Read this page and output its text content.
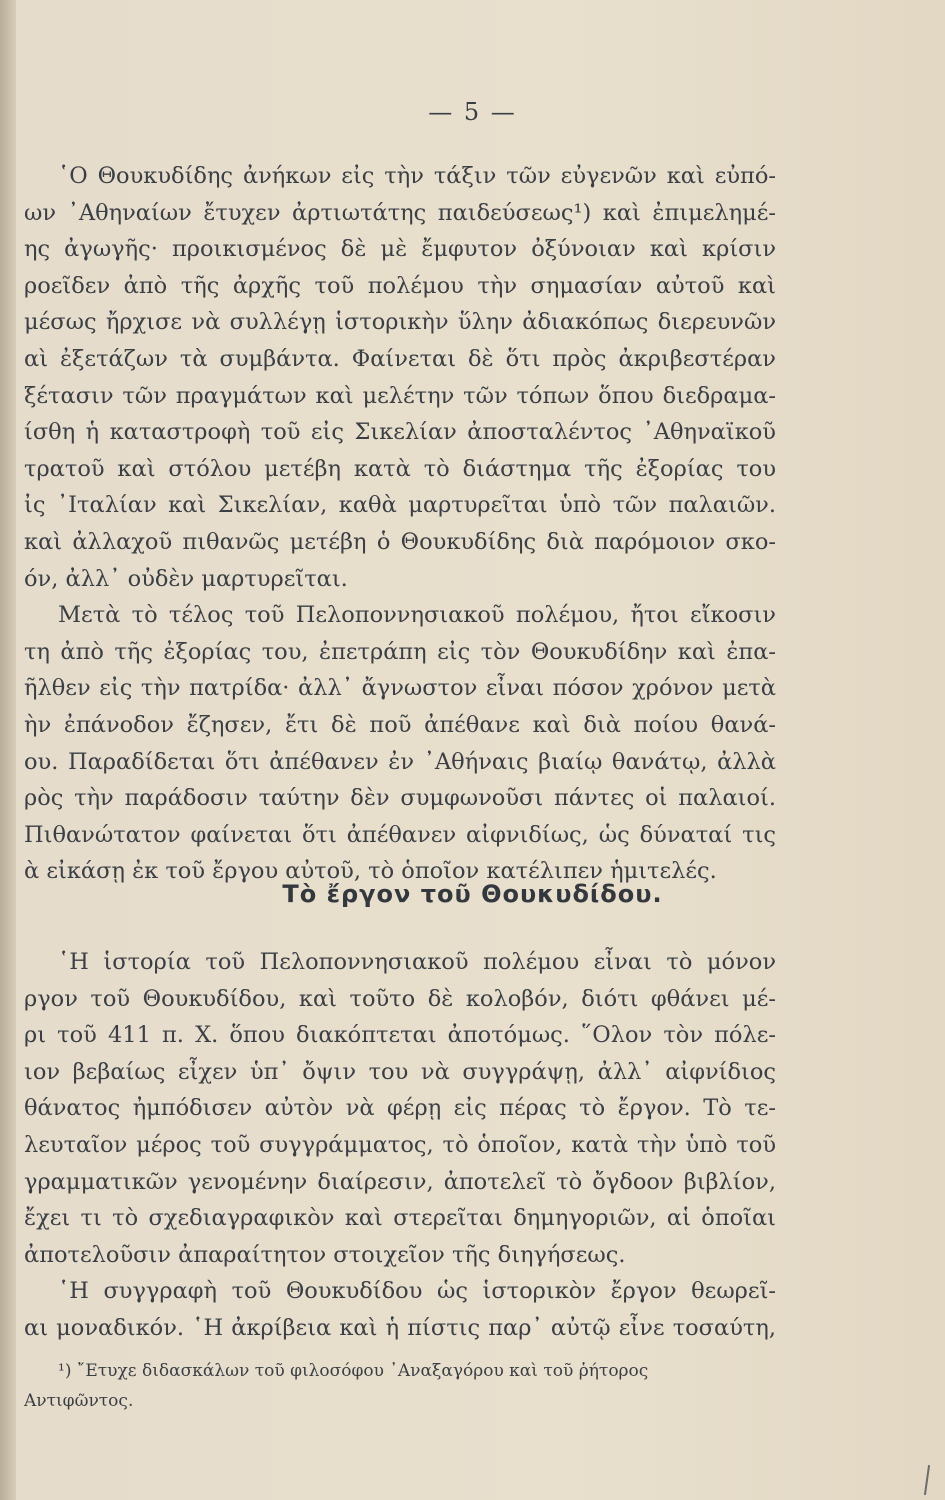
— 5 —

῾Ο Θουκυδίδης ἀνήκων εἰς τὴν τάξιν τῶν εὐγενῶν καὶ εὐπό-
ων ᾿Αθηναίων ἔτυχεν ἀρτιωτάτης παιδεύσεως¹) καὶ ἐπιμελημέ-
ης ἀγωγῆς· προικισμένος δὲ μὲ ἔμφυτον ὀξύνοιαν καὶ κρίσιν
ροεῖδεν ἀπὸ τῆς ἀρχῆς τοῦ πολέμου τὴν σημασίαν αὐτοῦ καὶ
μέσως ἤρχισε νὰ συλλέγῃ ἱστορικὴν ὕλην ἀδιακόπως διερευνῶν
αὶ ἐξετάζων τὰ συμβάντα. Φαίνεται δὲ ὅτι πρὸς ἀκριβεστέραν
ξέτασιν τῶν πραγμάτων καὶ μελέτην τῶν τόπων ὅπου διεδραμα-
ίσθη ἡ καταστροφὴ τοῦ εἰς Σικελίαν ἀποσταλέντος ᾿Αθηναϊκοῦ
τρατοῦ καὶ στόλου μετέβη κατὰ τὸ διάστημα τῆς ἐξορίας του
ἰς ᾿Ιταλίαν καὶ Σικελίαν, καθὰ μαρτυρεῖται ὑπὸ τῶν παλαιῶν.
καὶ ἀλλαχοῦ πιθανῶς μετέβη ὁ Θουκυδίδης διὰ παρόμοιον σκο-
όν, ἀλλ᾿ οὐδὲν μαρτυρεῖται.

Μετὰ τὸ τέλος τοῦ Πελοποννησιακοῦ πολέμου, ἤτοι εἴκοσιν
τη ἀπὸ τῆς ἐξορίας του, ἐπετράπη εἰς τὸν Θουκυδίδην καὶ ἐπα-
ῆλθεν εἰς τὴν πατρίδα· ἀλλ᾿ ἄγνωστον εἶναι πόσον χρόνον μετὰ
ὴν ἐπάνοδον ἔζησεν, ἔτι δὲ ποῦ ἀπέθανε καὶ διὰ ποίου θανά-
ου. Παραδίδεται ὅτι ἀπέθανεν ἐν ᾿Αθήναις βιαίῳ θανάτῳ, ἀλλὰ
ρὸς τὴν παράδοσιν ταύτην δὲν συμφωνοῦσι πάντες οἱ παλαιοί.
Πιθανώτατον φαίνεται ὅτι ἀπέθανεν αἰφνιδίως, ὡς δύναταί τις
ὰ εἰκάσῃ ἐκ τοῦ ἔργου αὐτοῦ, τὸ ὁποῖον κατέλιπεν ἡμιτελές.

Τὸ ἔργον τοῦ Θουκυδίδου.

῾Η ἱστορία τοῦ Πελοποννησιακοῦ πολέμου εἶναι τὸ μόνον
ργον τοῦ Θουκυδίδου, καὶ τοῦτο δὲ κολοβόν, διότι φθάνει μέ-
ρι τοῦ 411 π. Χ. ὅπου διακόπτεται ἀποτόμως. ῞Ολον τὸν πόλε-
ιον βεβαίως εἶχεν ὑπ᾿ ὄψιν του νὰ συγγράψῃ, ἀλλ᾿ αἰφνίδιος
θάνατος ἠμπόδισεν αὐτὸν νὰ φέρῃ εἰς πέρας τὸ ἔργον. Τὸ τε-
λευταῖον μέρος τοῦ συγγράμματος, τὸ ὁποῖον, κατὰ τὴν ὑπὸ τοῦ
γραμματικῶν γενομένην διαίρεσιν, ἀποτελεῖ τὸ ὄγδοον βιβλίον,
ἔχει τι τὸ σχεδιαγραφικὸν καὶ στερεῖται δημηγοριῶν, αἱ ὁποῖαι
ἀποτελοῦσιν ἀπαραίτητον στοιχεῖον τῆς διηγήσεως.

῾Η συγγραφὴ τοῦ Θουκυδίδου ὡς ἱστορικὸν ἔργον θεωρεῖ-
αι μοναδικόν. ῾Η ἀκρίβεια καὶ ἡ πίστις παρ᾿ αὐτῷ εἶνε τοσαύτη,

¹) ῎Ετυχε διδασκάλων τοῦ φιλοσόφου ᾿Αναξαγόρου καὶ τοῦ ῥήτορος
Αντιφῶντος.
